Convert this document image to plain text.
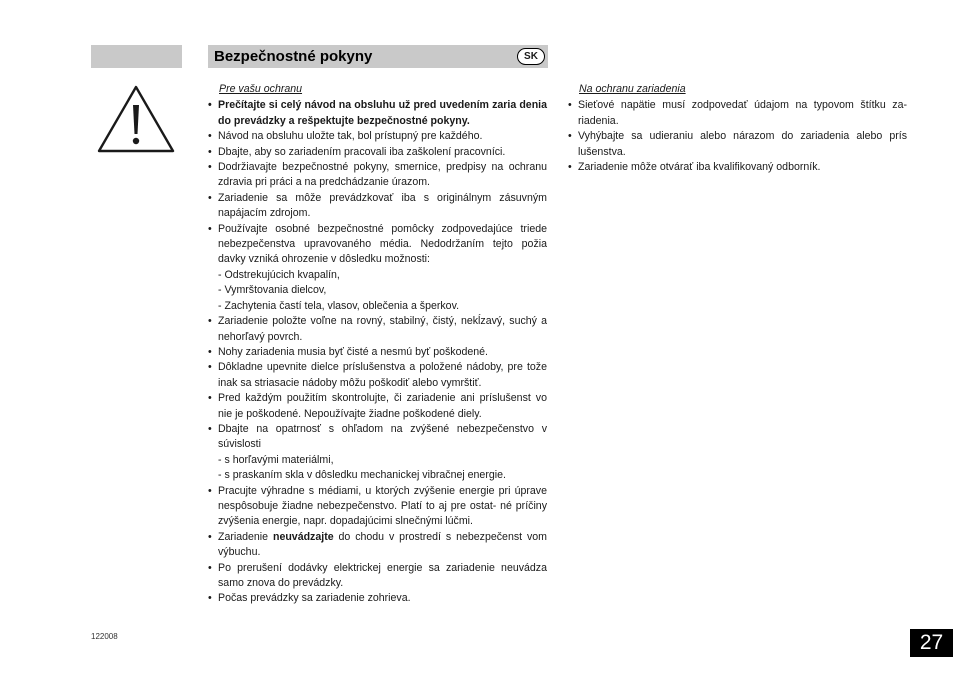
Bezpečnostné pokyny	SK
Pre vašu ochranu
• Prečítajte si celý návod na obsluhu už pred uvedením zaria denia do prevádzky a rešpektujte bezpečnostné pokyny.
• Návod na obsluhu uložte tak, bol prístupný pre každého.
• Dbajte, aby so zariadením pracovali iba zaškolení pracovníci.
• Dodržiavajte bezpečnostné pokyny, smernice, predpisy na ochranu zdravia pri práci a na predchádzanie úrazom.
• Zariadenie sa môže prevádzkovať iba s originálnym zásuvným napájacím zdrojom.
• Používajte osobné bezpečnostné pomôcky zodpovedajúce triede nebezpečenstva upravovaného média. Nedodržaním tejto požia davky vzniká ohrozenie v dôsledku možnosti:
- Odstrekujúcich kvapalín,
- Vymrštovania dielcov,
- Zachytenia častí tela, vlasov, oblečenia a šperkov.
• Zariadenie položte voľne na rovný, stabilný, čistý, nekĺzavý, suchý a nehorľavý povrch.
• Nohy zariadenia musia byť čisté a nesmú byť poškodené.
• Dôkladne upevnite dielce príslušenstva a položené nádoby, pre tože inak sa striasacie nádoby môžu poškodiť alebo vymrštiť.
• Pred každým použitím skontrolujte, či zariadenie ani príslušenst vo nie je poškodené. Nepoužívajte žiadne poškodené diely.
• Dbajte na opatrnosť s ohľadom na zvýšené nebezpečenstvo v súvislosti
- s horľavými materiálmi,
- s praskaním skla v dôsledku mechanickej vibračnej energie.
• Pracujte výhradne s médiami, u ktorých zvýšenie energie pri úprave nespôsobuje žiadne nebezpečenstvo. Platí to aj pre ostat- né príčiny zvýšenia energie, napr. dopadajúcimi slnečnými lúčmi.
• Zariadenie neuvádzajte do chodu v prostredí s nebezpečenst vom výbuchu.
• Po prerušení dodávky elektrickej energie sa zariadenie neuvádza samo znova do prevádzky.
• Počas prevádzky sa zariadenie zohrieva.
Na ochranu zariadenia
• Sieťové napätie musí zodpovedať údajom na typovom štítku za- riadenia.
• Vyhýbajte sa udieraniu alebo nárazom do zariadenia alebo prís lušenstva.
• Zariadenie môže otvárať iba kvalifikovaný odborník.
122008	27
